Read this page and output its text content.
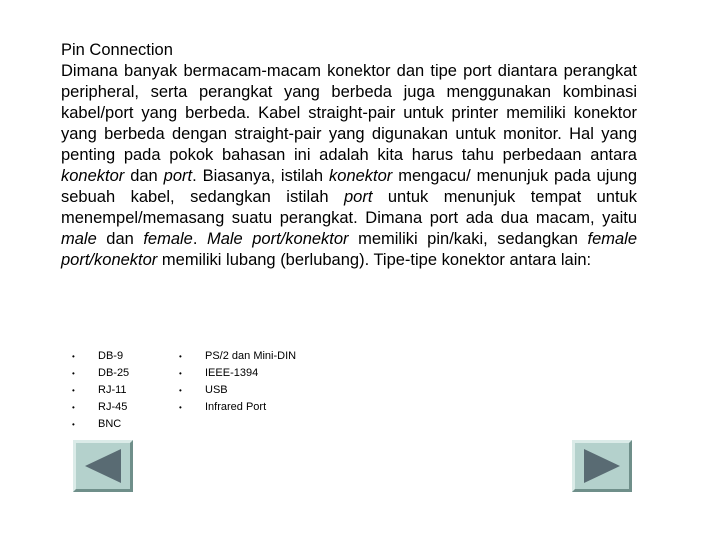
Pin Connection

Dimana banyak bermacam-macam konektor dan tipe port diantara perangkat peripheral, serta perangkat yang berbeda juga menggunakan kombinasi kabel/port yang berbeda. Kabel straight-pair untuk printer memiliki konektor yang berbeda dengan straight-pair yang digunakan untuk monitor. Hal yang penting pada pokok bahasan ini adalah kita harus tahu perbedaan antara konektor dan port. Biasanya, istilah konektor mengacu/ menunjuk pada ujung sebuah kabel, sedangkan istilah port untuk menunjuk tempat untuk menempel/memasang suatu perangkat. Dimana port ada dua macam, yaitu male dan female. Male port/konektor memiliki pin/kaki, sedangkan female port/konektor memiliki lubang (berlubang). Tipe-tipe konektor antara lain:

• DB-9
• DB-25
• RJ-11
• RJ-45
• BNC
• PS/2 dan Mini-DIN
• IEEE-1394
• USB
• Infrared Port
